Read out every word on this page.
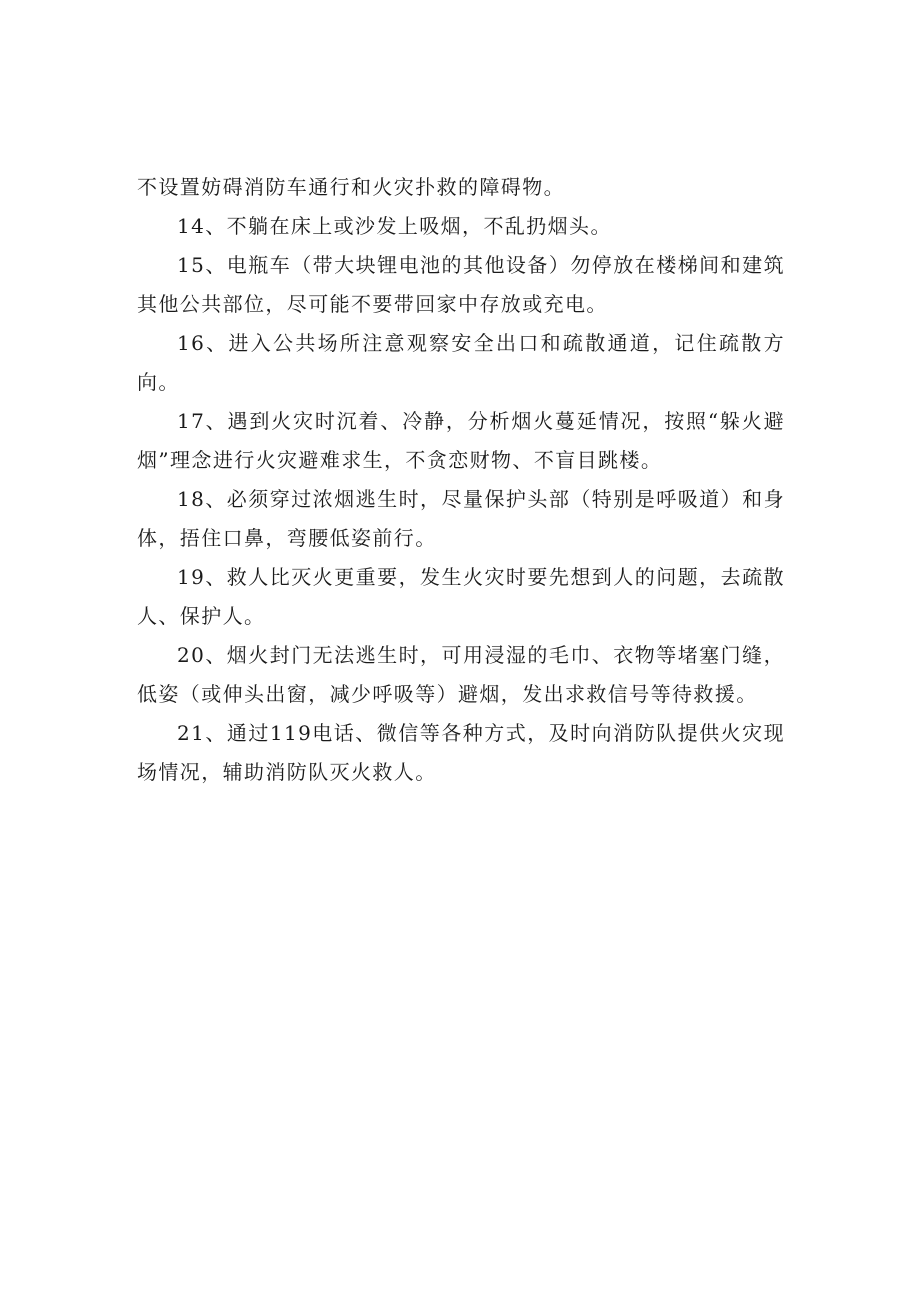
不设置妨碍消防车通行和火灾扑救的障碍物。

14、不躺在床上或沙发上吸烟，不乱扔烟头。

15、电瓶车（带大块锂电池的其他设备）勿停放在楼梯间和建筑其他公共部位，尽可能不要带回家中存放或充电。

16、进入公共场所注意观察安全出口和疏散通道，记住疏散方向。

17、遇到火灾时沉着、冷静，分析烟火蔓延情况，按照“躲火避烟”理念进行火灾避难求生，不贪恋财物、不盲目跳楼。

18、必须穿过浓烟逃生时，尽量保护头部（特别是呼吸道）和身体，捂住口鼻，弯腰低姿前行。

19、救人比灭火更重要，发生火灾时要先想到人的问题，去疏散人、保护人。

20、烟火封门无法逃生时，可用浸湿的毛巾、衣物等堵塞门缝，低姿（或伸头出窗，减少呼吸等）避烟，发出求救信号等待救援。

21、通过119电话、微信等各种方式，及时向消防队提供火灾现场情况，辅助消防队灭火救人。
